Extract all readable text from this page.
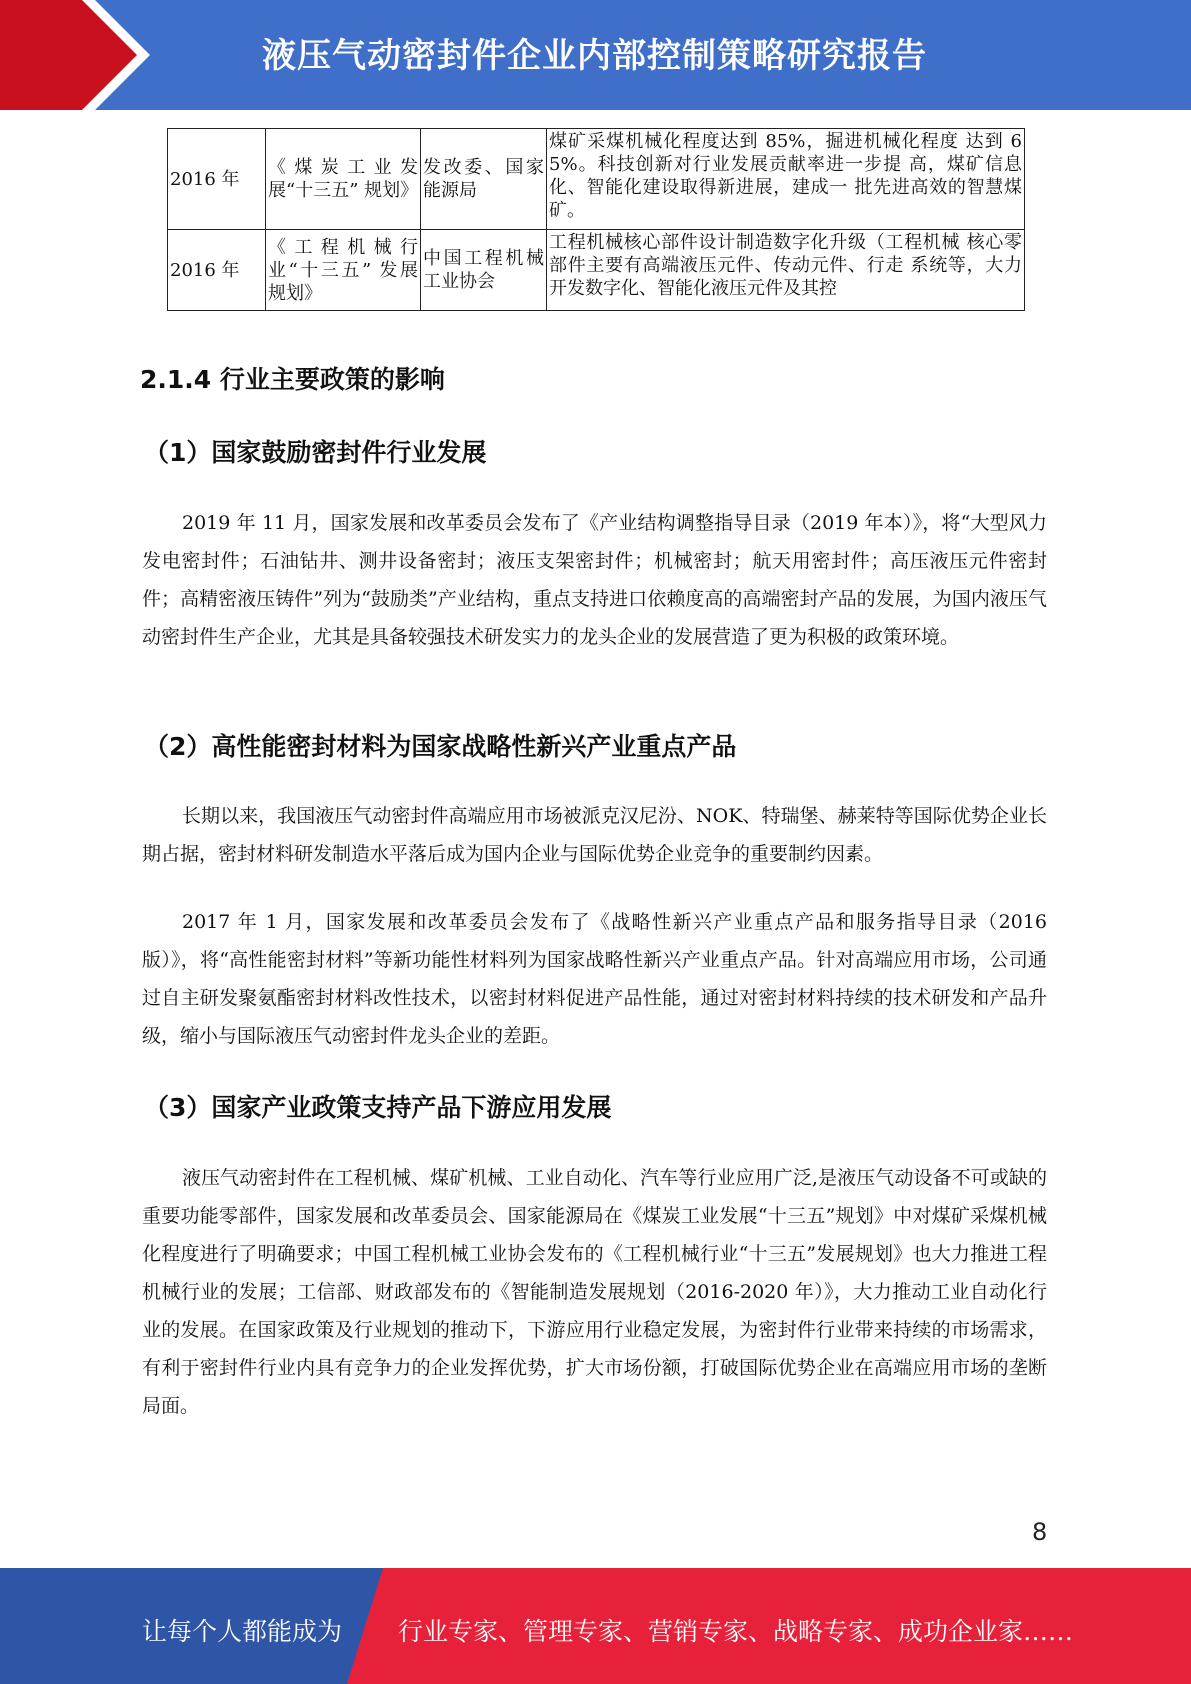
液压气动密封件企业内部控制策略研究报告
2016 年	《煤炭工业发 展“十三五” 规划》	发改委、国家能源局	煤矿采煤机械化程度达到 85%，掘进机械化程度 达到 65%。科技创新对行业发展贡献率进一步提 高，煤矿信息化、智能化建设取得新进展，建成一 批先进高效的智慧煤矿。
2016 年	《工程机械行 业“十三五” 发展规划》	中国工程机械工业协会	工程机械核心部件设计制造数字化升级（工程机械 核心零部件主要有高端液压元件、传动元件、行走 系统等，大力开发数字化、智能化液压元件及其控
2.1.4 行业主要政策的影响
（1）国家鼓励密封件行业发展

2019 年 11 月，国家发展和改革委员会发布了《产业结构调整指导目录（2019 年本）》，将“大型风力发电密封件；石油钻井、测井设备密封；液压支架密封件；机械密封；航天用密封件；高压液压元件密封件；高精密液压铸件”列为“鼓励类”产业结构，重点支持进口依赖度高的高端密封产品的发展，为国内液压气动密封件生产企业，尤其是具备较强技术研发实力的龙头企业的发展营造了更为积极的政策环境。

（2）高性能密封材料为国家战略性新兴产业重点产品

长期以来，我国液压气动密封件高端应用市场被派克汉尼汾、NOK、特瑞堡、赫莱特等国际优势企业长期占据，密封材料研发制造水平落后成为国内企业与国际优势企业竞争的重要制约因素。

2017 年 1 月，国家发展和改革委员会发布了《战略性新兴产业重点产品和服务指导目录（2016 版）》，将“高性能密封材料”等新功能性材料列为国家战略性新兴产业重点产品。针对高端应用市场，公司通过自主研发聚氨酯密封材料改性技术，以密封材料促进产品性能，通过对密封材料持续的技术研发和产品升级，缩小与国际液压气动密封件龙头企业的差距。

（3）国家产业政策支持产品下游应用发展

液压气动密封件在工程机械、煤矿机械、工业自动化、汽车等行业应用广泛,是液压气动设备不可或缺的重要功能零部件，国家发展和改革委员会、国家能源局在《煤炭工业发展“十三五”规划》中对煤矿采煤机械化程度进行了明确要求；中国工程机械工业协会发布的《工程机械行业“十三五”发展规划》也大力推进工程机械行业的发展；工信部、财政部发布的《智能制造发展规划（2016-2020 年）》，大力推动工业自动化行业的发展。在国家政策及行业规划的推动下，下游应用行业稳定发展，为密封件行业带来持续的市场需求，有利于密封件行业内具有竞争力的企业发挥优势，扩大市场份额，打破国际优势企业在高端应用市场的垄断局面。

8
让每个人都能成为 行业专家、管理专家、营销专家、战略专家、成功企业家……
